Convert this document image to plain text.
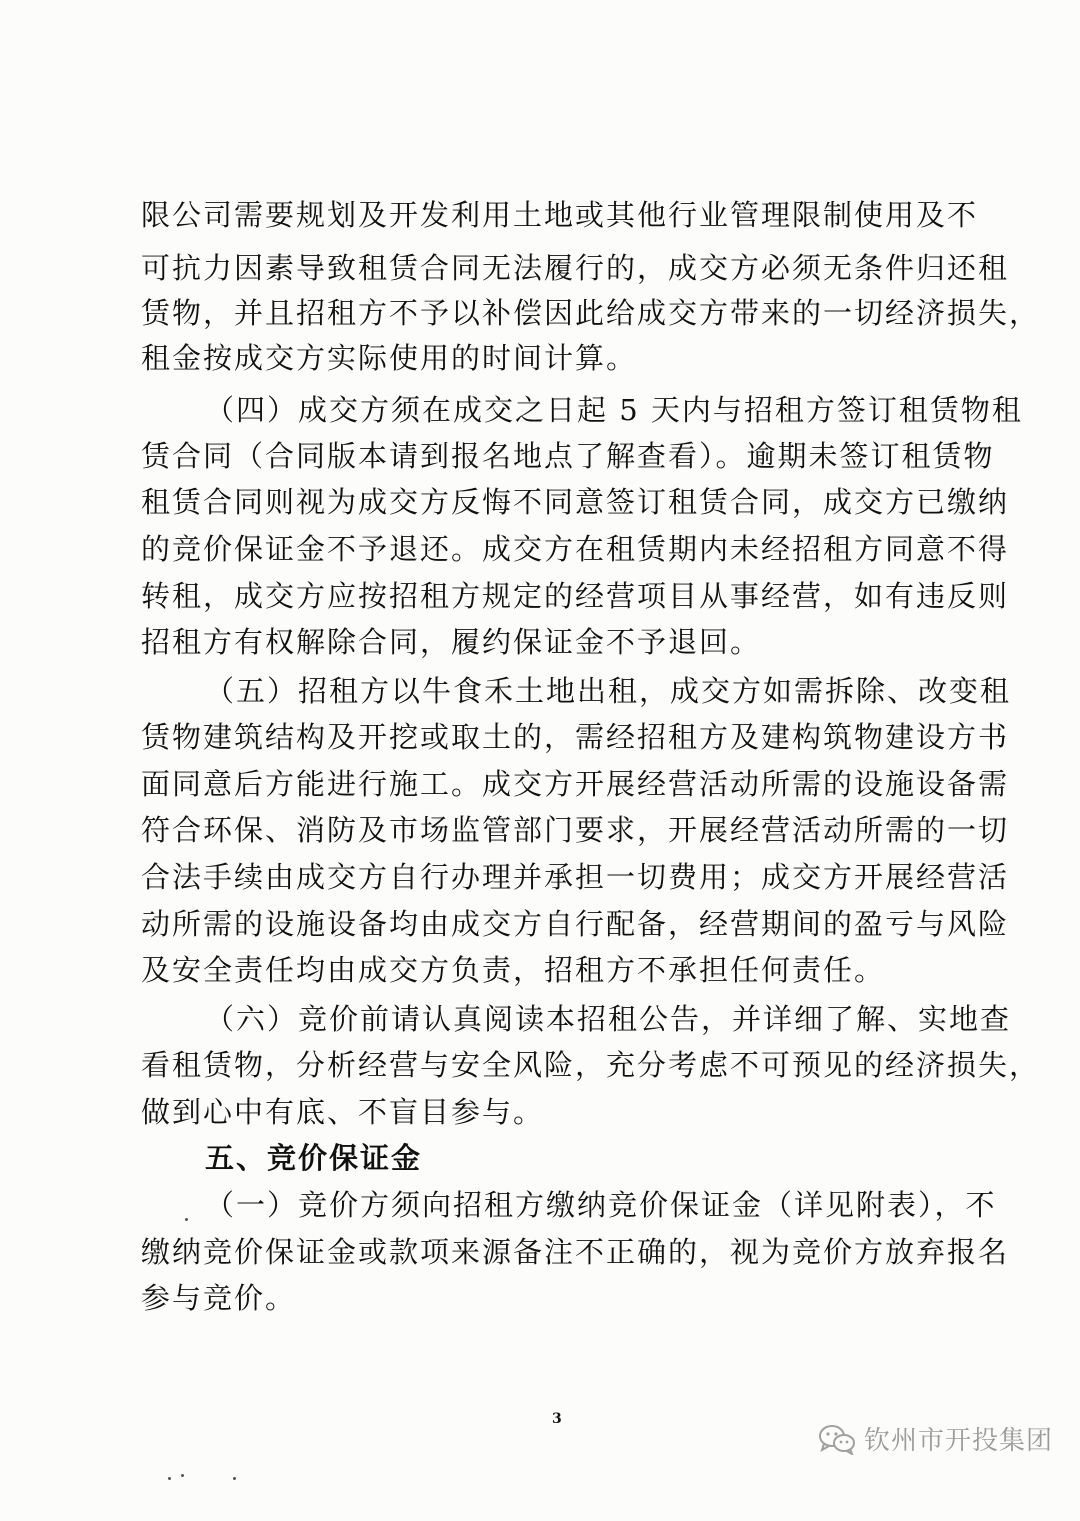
限公司需要规划及开发利用土地或其他行业管理限制使用及不
可抗力因素导致租赁合同无法履行的，成交方必须无条件归还租
赁物，并且招租方不予以补偿因此给成交方带来的一切经济损失，
租金按成交方实际使用的时间计算。
（四）成交方须在成交之日起 5 天内与招租方签订租赁物租
赁合同（合同版本请到报名地点了解查看）。逾期未签订租赁物
租赁合同则视为成交方反悔不同意签订租赁合同，成交方已缴纳
的竞价保证金不予退还。成交方在租赁期内未经招租方同意不得
转租，成交方应按招租方规定的经营项目从事经营，如有违反则
招租方有权解除合同，履约保证金不予退回。
（五）招租方以牛食禾土地出租，成交方如需拆除、改变租
赁物建筑结构及开挖或取土的，需经招租方及建构筑物建设方书
面同意后方能进行施工。成交方开展经营活动所需的设施设备需
符合环保、消防及市场监管部门要求，开展经营活动所需的一切
合法手续由成交方自行办理并承担一切费用；成交方开展经营活
动所需的设施设备均由成交方自行配备，经营期间的盈亏与风险
及安全责任均由成交方负责，招租方不承担任何责任。
（六）竞价前请认真阅读本招租公告，并详细了解、实地查
看租赁物，分析经营与安全风险，充分考虑不可预见的经济损失，
做到心中有底、不盲目参与。
五、竞价保证金
（一）竞价方须向招租方缴纳竞价保证金（详见附表），不
缴纳竞价保证金或款项来源备注不正确的，视为竞价方放弃报名
参与竞价。
3
钦州市开投集团
